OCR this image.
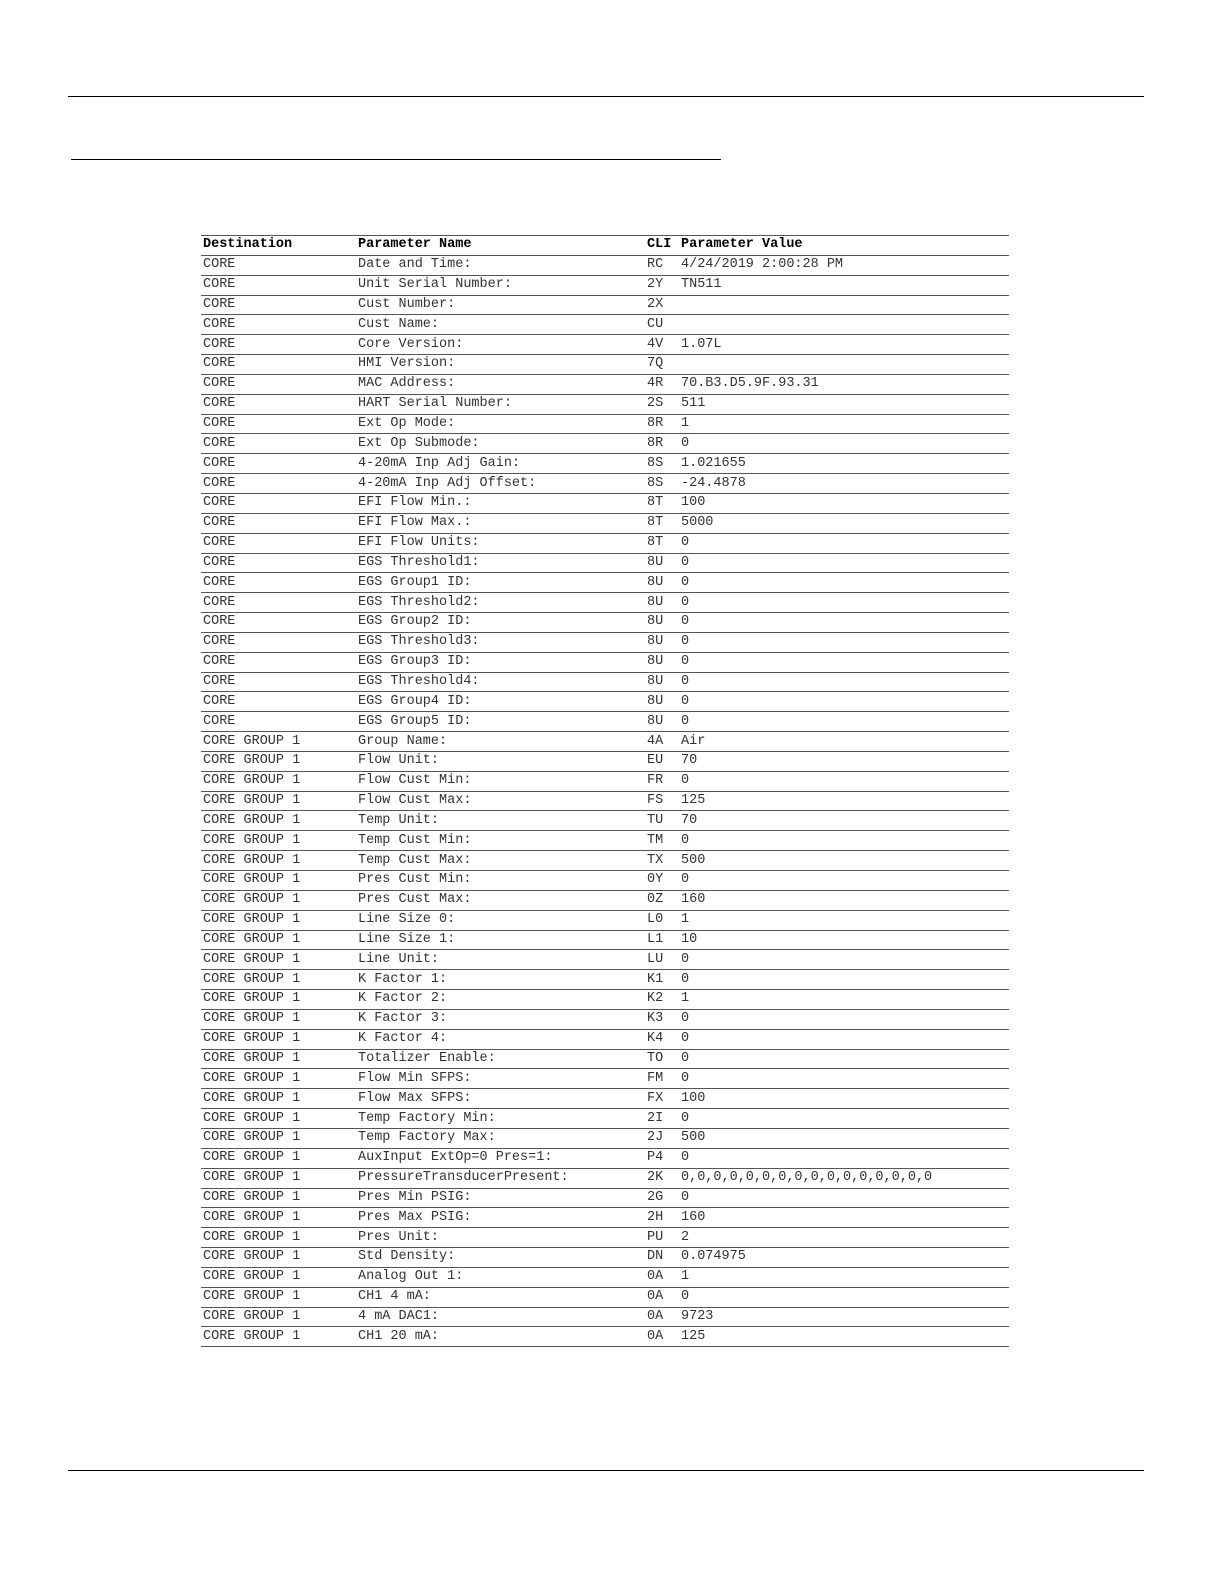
Destination	Parameter Name	CLI	Parameter Value
CORE	Date and Time:	RC	4/24/2019 2:00:28 PM
CORE	Unit Serial Number:	2Y	TN511
CORE	Cust Number:	2X	
CORE	Cust Name:	CU	
CORE	Core Version:	4V	1.07L
CORE	HMI Version:	7Q	
CORE	MAC Address:	4R	70.B3.D5.9F.93.31
CORE	HART Serial Number:	2S	511
CORE	Ext Op Mode:	8R	1
CORE	Ext Op Submode:	8R	0
CORE	4-20mA Inp Adj Gain:	8S	1.021655
CORE	4-20mA Inp Adj Offset:	8S	-24.4878
CORE	EFI Flow Min.:	8T	100
CORE	EFI Flow Max.:	8T	5000
CORE	EFI Flow Units:	8T	0
CORE	EGS Threshold1:	8U	0
CORE	EGS Group1 ID:	8U	0
CORE	EGS Threshold2:	8U	0
CORE	EGS Group2 ID:	8U	0
CORE	EGS Threshold3:	8U	0
CORE	EGS Group3 ID:	8U	0
CORE	EGS Threshold4:	8U	0
CORE	EGS Group4 ID:	8U	0
CORE	EGS Group5 ID:	8U	0
CORE GROUP 1	Group Name:	4A	Air
CORE GROUP 1	Flow Unit:	EU	70
CORE GROUP 1	Flow Cust Min:	FR	0
CORE GROUP 1	Flow Cust Max:	FS	125
CORE GROUP 1	Temp Unit:	TU	70
CORE GROUP 1	Temp Cust Min:	TM	0
CORE GROUP 1	Temp Cust Max:	TX	500
CORE GROUP 1	Pres Cust Min:	0Y	0
CORE GROUP 1	Pres Cust Max:	0Z	160
CORE GROUP 1	Line Size 0:	L0	1
CORE GROUP 1	Line Size 1:	L1	10
CORE GROUP 1	Line Unit:	LU	0
CORE GROUP 1	K Factor 1:	K1	0
CORE GROUP 1	K Factor 2:	K2	1
CORE GROUP 1	K Factor 3:	K3	0
CORE GROUP 1	K Factor 4:	K4	0
CORE GROUP 1	Totalizer Enable:	TO	0
CORE GROUP 1	Flow Min SFPS:	FM	0
CORE GROUP 1	Flow Max SFPS:	FX	100
CORE GROUP 1	Temp Factory Min:	2I	0
CORE GROUP 1	Temp Factory Max:	2J	500
CORE GROUP 1	AuxInput ExtOp=0 Pres=1:	P4	0
CORE GROUP 1	PressureTransducerPresent:	2K	0,0,0,0,0,0,0,0,0,0,0,0,0,0,0,0
CORE GROUP 1	Pres Min PSIG:	2G	0
CORE GROUP 1	Pres Max PSIG:	2H	160
CORE GROUP 1	Pres Unit:	PU	2
CORE GROUP 1	Std Density:	DN	0.074975
CORE GROUP 1	Analog Out 1:	0A	1
CORE GROUP 1	CH1 4 mA:	0A	0
CORE GROUP 1	4 mA DAC1:	0A	9723
CORE GROUP 1	CH1 20 mA:	0A	125
